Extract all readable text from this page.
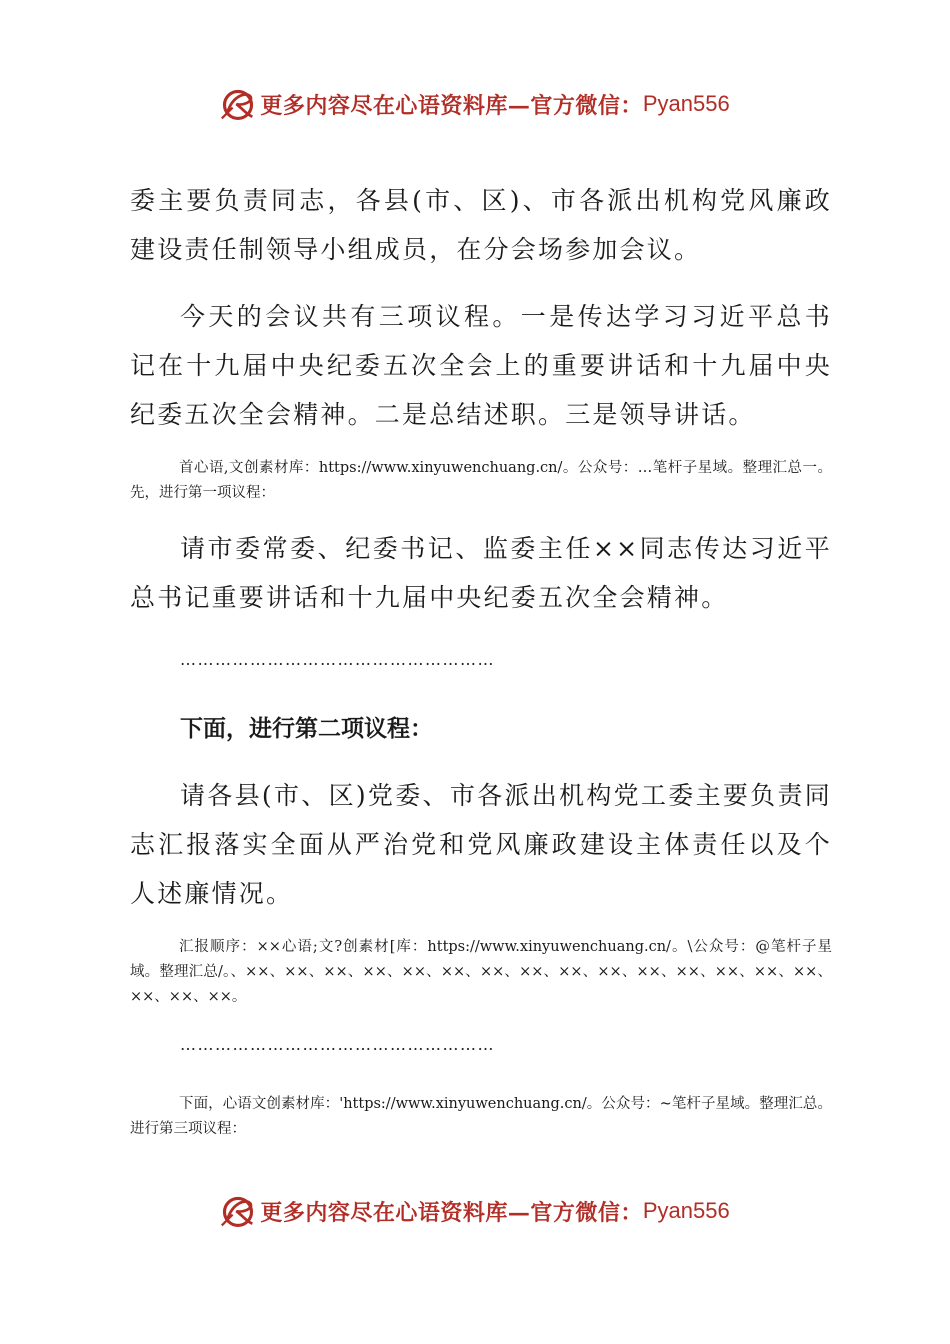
更多内容尽在心语资料库—官方微信： Pyan556

委主要负责同志，各县(市、区)、市各派出机构党风廉政建设责任制领导小组成员，在分会场参加会议。

今天的会议共有三项议程。一是传达学习习近平总书记在十九届中央纪委五次全会上的重要讲话和十九届中央纪委五次全会精神。二是总结述职。三是领导讲话。

首心语,文创素材库：https://www.xinyuwenchuang.cn/。公众号：…笔杆子星域。整理汇总一。先，进行第一项议程：

请市委常委、纪委书记、监委主任××同志传达习近平总书记重要讲话和十九届中央纪委五次全会精神。

………………………………………………

下面，进行第二项议程：

请各县(市、区)党委、市各派出机构党工委主要负责同志汇报落实全面从严治党和党风廉政建设主体责任以及个人述廉情况。

汇报顺序：××心语;文?创素材[库：https://www.xinyuwenchuang.cn/。\公众号：@笔杆子星域。整理汇总/。、××、××、××、××、××、××、××、××、××、××、××、××、××、××、××、××、××、××。

………………………………………………

下面，心语文创素材库：'https://www.xinyuwenchuang.cn/。公众号：~笔杆子星域。整理汇总。进行第三项议程：

更多内容尽在心语资料库—官方微信： Pyan556
